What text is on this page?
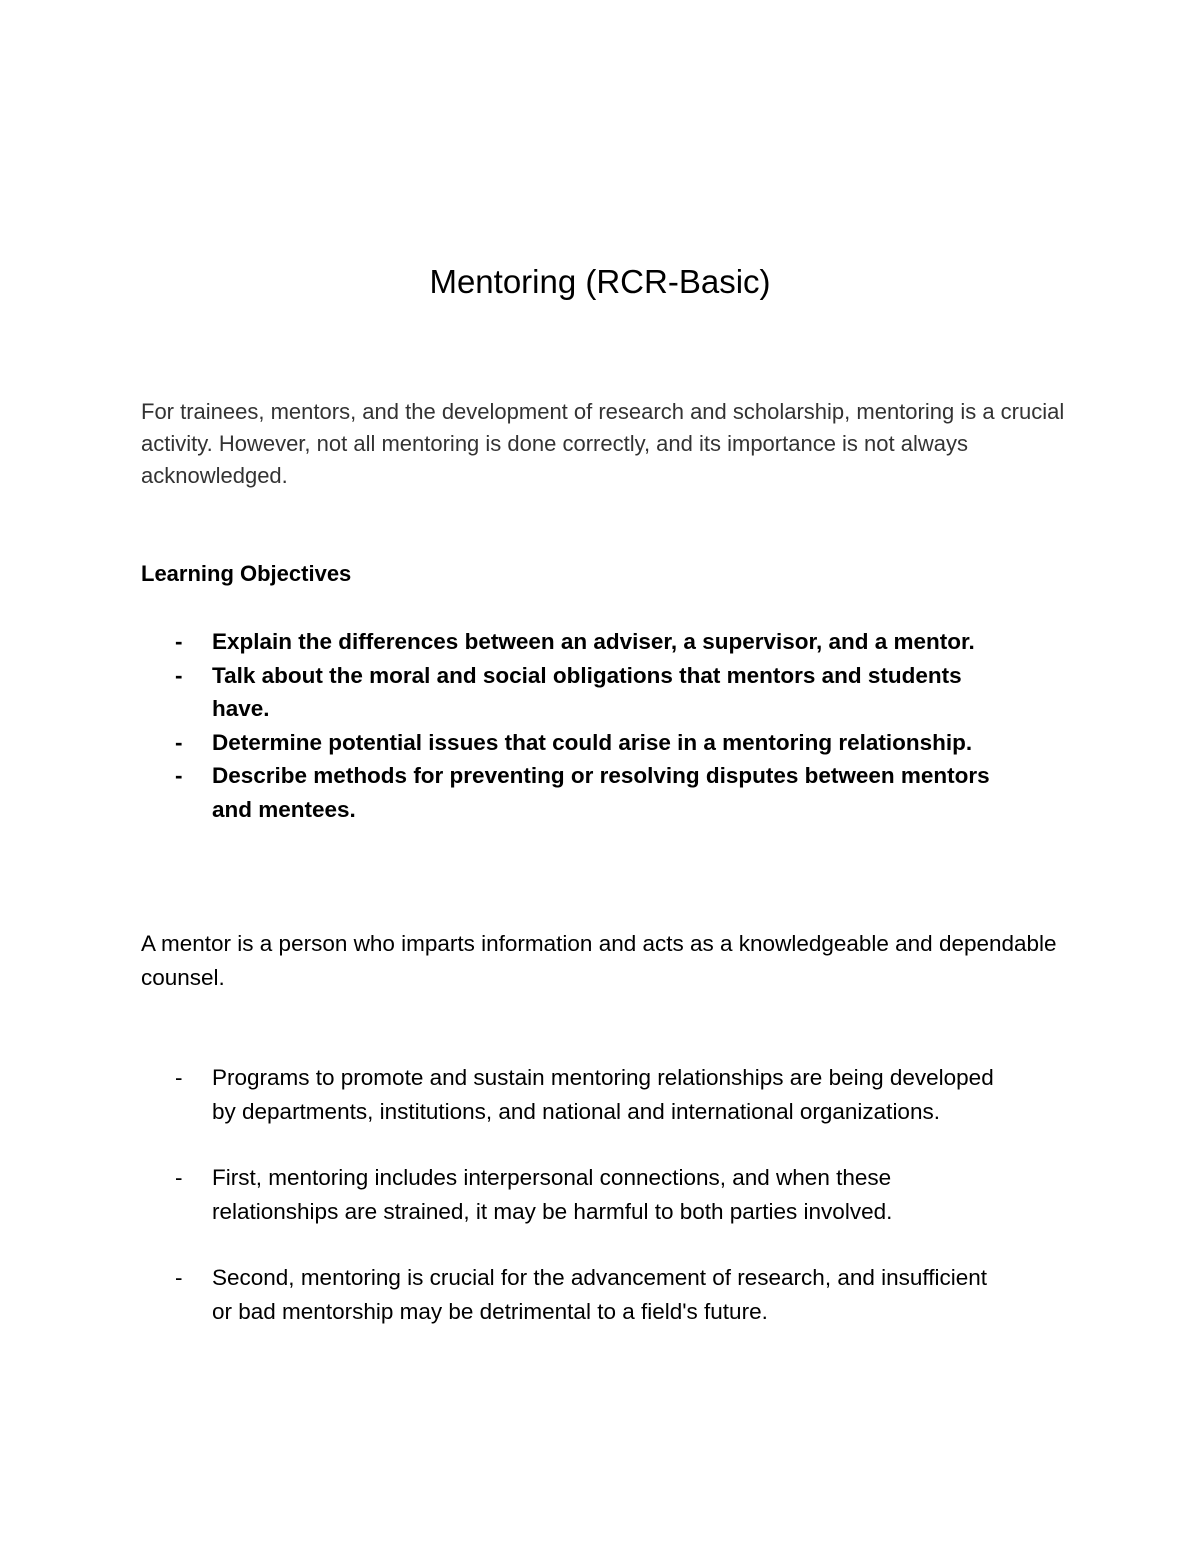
Mentoring (RCR-Basic)

For trainees, mentors, and the development of research and scholarship, mentoring is a crucial activity. However, not all mentoring is done correctly, and its importance is not always acknowledged.

Learning Objectives
- Explain the differences between an adviser, a supervisor, and a mentor.
- Talk about the moral and social obligations that mentors and students have.
- Determine potential issues that could arise in a mentoring relationship.
- Describe methods for preventing or resolving disputes between mentors and mentees.

A mentor is a person who imparts information and acts as a knowledgeable and dependable counsel.

- Programs to promote and sustain mentoring relationships are being developed by departments, institutions, and national and international organizations.
- First, mentoring includes interpersonal connections, and when these relationships are strained, it may be harmful to both parties involved.
- Second, mentoring is crucial for the advancement of research, and insufficient or bad mentorship may be detrimental to a field's future.
